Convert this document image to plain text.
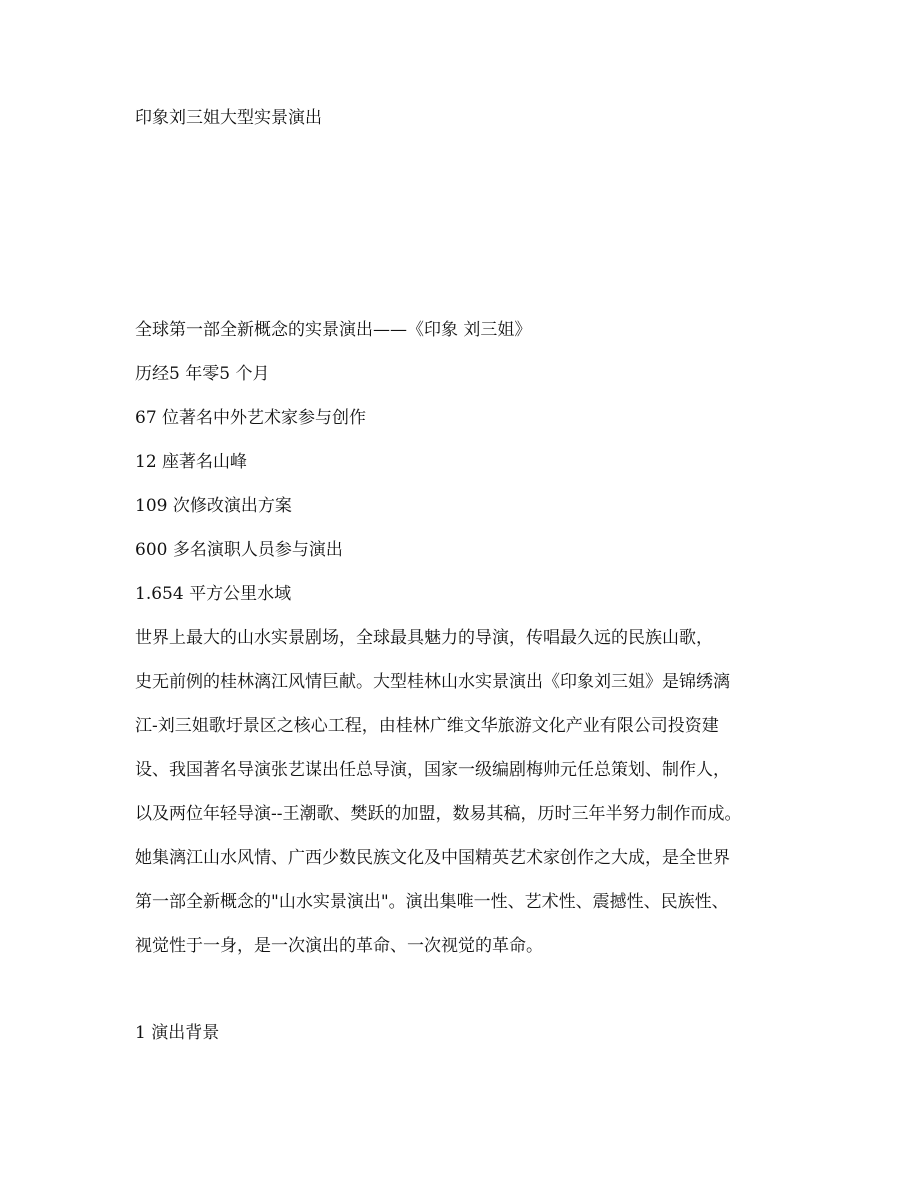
印象刘三姐大型实景演出
全球第一部全新概念的实景演出——《印象 刘三姐》
历经5 年零5 个月
67 位著名中外艺术家参与创作
12 座著名山峰
109 次修改演出方案
600 多名演职人员参与演出
1.654 平方公里水域
世界上最大的山水实景剧场，全球最具魅力的导演，传唱最久远的民族山歌，
史无前例的桂林漓江风情巨献。大型桂林山水实景演出《印象刘三姐》是锦绣漓
江-刘三姐歌圩景区之核心工程，由桂林广维文华旅游文化产业有限公司投资建
设、我国著名导演张艺谋出任总导演，国家一级编剧梅帅元任总策划、制作人，
以及两位年轻导演--王潮歌、樊跃的加盟，数易其稿，历时三年半努力制作而成。
她集漓江山水风情、广西少数民族文化及中国精英艺术家创作之大成，是全世界
第一部全新概念的"山水实景演出"。演出集唯一性、艺术性、震撼性、民族性、
视觉性于一身，是一次演出的革命、一次视觉的革命。
1 演出背景
